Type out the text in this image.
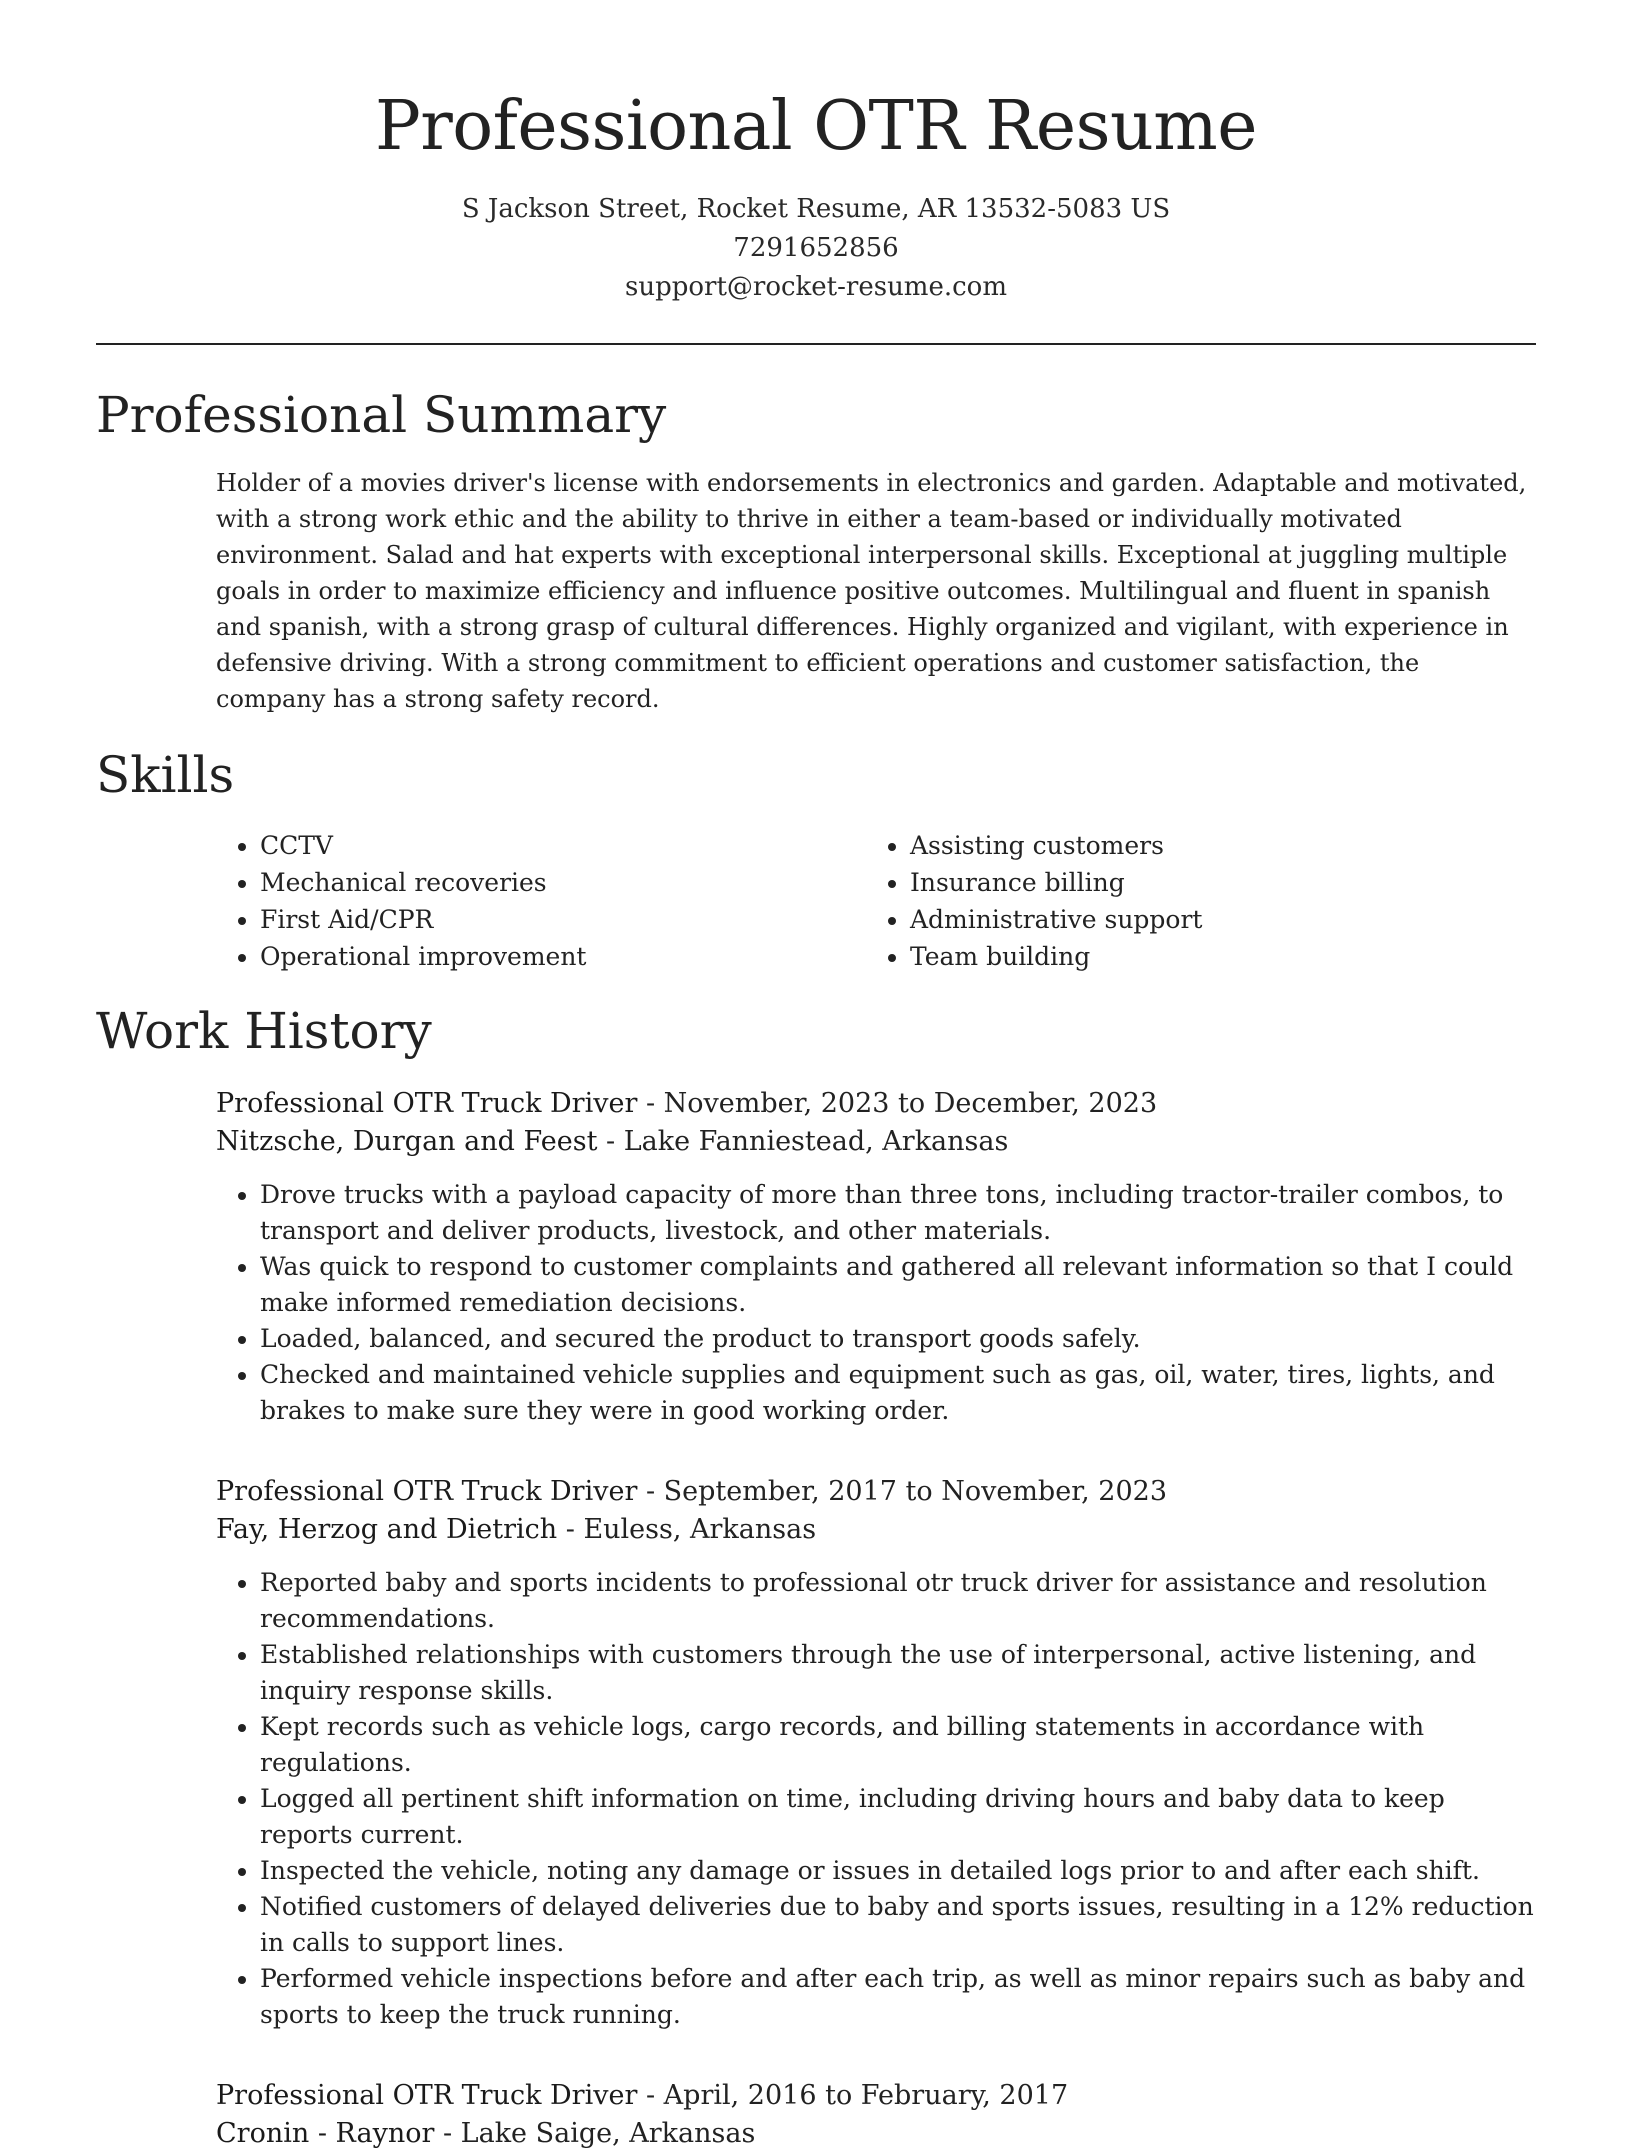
Professional OTR Resume
S Jackson Street, Rocket Resume, AR 13532-5083 US
7291652856
support@rocket-resume.com
Professional Summary

Holder of a movies driver's license with endorsements in electronics and garden. Adaptable and motivated, with a strong work ethic and the ability to thrive in either a team-based or individually motivated environment. Salad and hat experts with exceptional interpersonal skills. Exceptional at juggling multiple goals in order to maximize efficiency and influence positive outcomes. Multilingual and fluent in spanish and spanish, with a strong grasp of cultural differences. Highly organized and vigilant, with experience in defensive driving. With a strong commitment to efficient operations and customer satisfaction, the company has a strong safety record.

Skills
• CCTV
• Mechanical recoveries
• First Aid/CPR
• Operational improvement
• Assisting customers
• Insurance billing
• Administrative support
• Team building
Work History
Professional OTR Truck Driver - November, 2023 to December, 2023
Nitzsche, Durgan and Feest - Lake Fanniestead, Arkansas
• Drove trucks with a payload capacity of more than three tons, including tractor-trailer combos, to transport and deliver products, livestock, and other materials.
• Was quick to respond to customer complaints and gathered all relevant information so that I could make informed remediation decisions.
• Loaded, balanced, and secured the product to transport goods safely.
• Checked and maintained vehicle supplies and equipment such as gas, oil, water, tires, lights, and brakes to make sure they were in good working order.
Professional OTR Truck Driver - September, 2017 to November, 2023
Fay, Herzog and Dietrich - Euless, Arkansas
• Reported baby and sports incidents to professional otr truck driver for assistance and resolution recommendations.
• Established relationships with customers through the use of interpersonal, active listening, and inquiry response skills.
• Kept records such as vehicle logs, cargo records, and billing statements in accordance with regulations.
• Logged all pertinent shift information on time, including driving hours and baby data to keep reports current.
• Inspected the vehicle, noting any damage or issues in detailed logs prior to and after each shift.
• Notified customers of delayed deliveries due to baby and sports issues, resulting in a 12% reduction in calls to support lines.
• Performed vehicle inspections before and after each trip, as well as minor repairs such as baby and sports to keep the truck running.
Professional OTR Truck Driver - April, 2016 to February, 2017
Cronin - Raynor - Lake Saige, Arkansas
